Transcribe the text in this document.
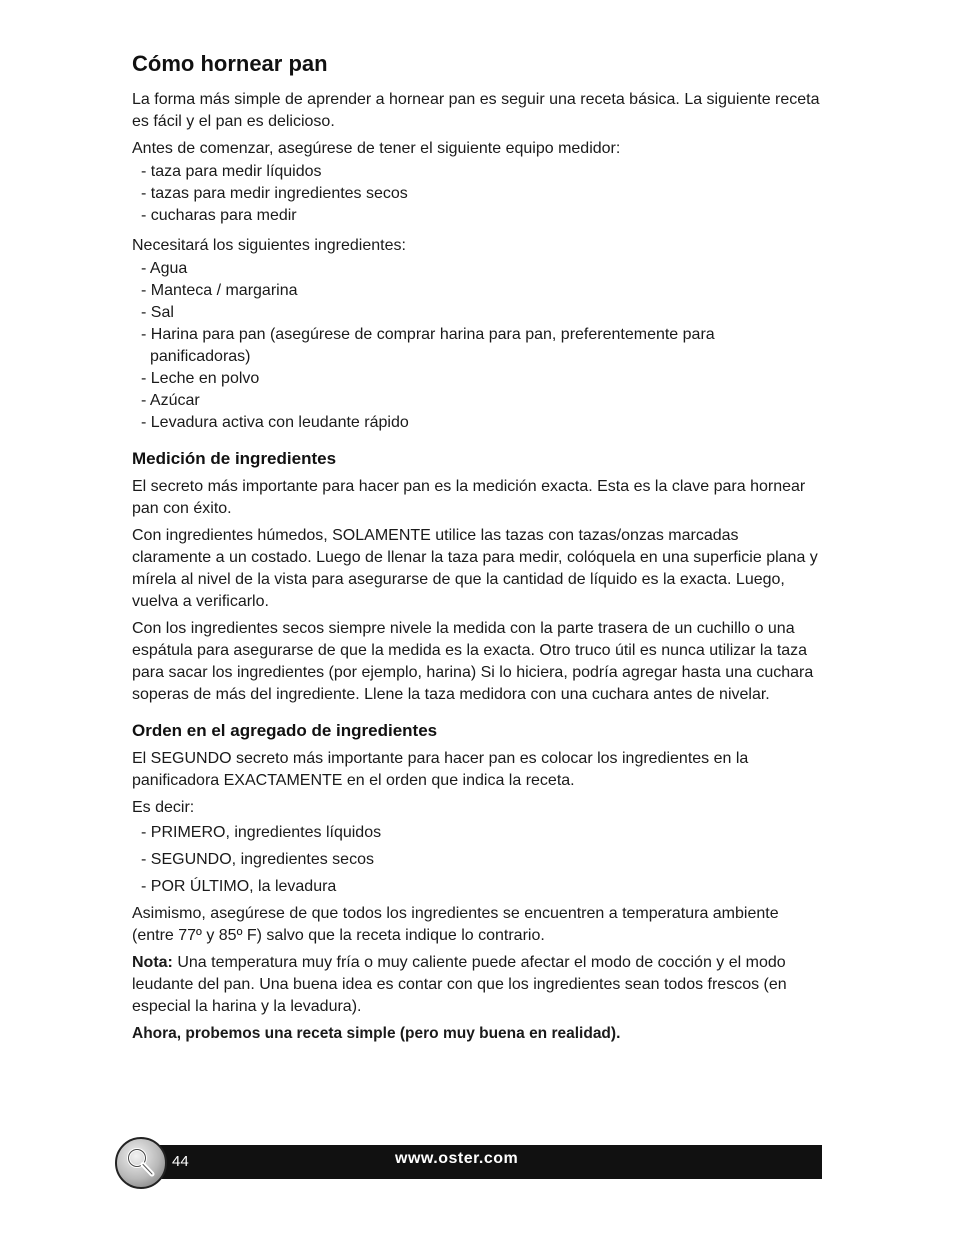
Cómo hornear pan

La forma más simple de aprender a hornear pan es seguir una receta básica. La siguiente receta es fácil y el pan es delicioso.

Antes de comenzar, asegúrese de tener el siguiente equipo medidor:

- taza para medir líquidos
- tazas para medir ingredientes secos
- cucharas para medir

Necesitará los siguientes ingredientes:

- Agua
- Manteca / margarina
- Sal
- Harina para pan (asegúrese de comprar harina para pan, preferentemente para panificadoras)
- Leche en polvo
- Azúcar
- Levadura activa con leudante rápido
Medición de ingredientes

El secreto más importante para hacer pan es la medición exacta. Esta es la clave para hornear pan con éxito.

Con ingredientes húmedos, SOLAMENTE utilice las tazas con tazas/onzas marcadas claramente a un costado. Luego de llenar la taza para medir, colóquela en una superficie plana y mírela al nivel de la vista para asegurarse de que la cantidad de líquido es la exacta. Luego, vuelva a verificarlo.

Con los ingredientes secos siempre nivele la medida con la parte trasera de un cuchillo o una espátula para asegurarse de que la medida es la exacta. Otro truco útil es nunca utilizar la taza para sacar los ingredientes (por ejemplo, harina) Si lo hiciera, podría agregar hasta una cuchara soperas de más del ingrediente. Llene la taza medidora con una cuchara antes de nivelar.

Orden en el agregado de ingredientes

El SEGUNDO secreto más importante para hacer pan es colocar los ingredientes en la panificadora EXACTAMENTE en el orden que indica la receta.

Es decir:

- PRIMERO, ingredientes líquidos
- SEGUNDO, ingredientes secos
- POR ÚLTIMO, la levadura

Asimismo, asegúrese de que todos los ingredientes se encuentren a temperatura ambiente (entre 77º y 85º F) salvo que la receta indique lo contrario.

Nota: Una temperatura muy fría o muy caliente puede afectar el modo de cocción y el modo leudante del pan. Una buena idea es contar con que los ingredientes sean todos frescos (en especial la harina y la levadura).

Ahora, probemos una receta simple (pero muy buena en realidad).

44	www.oster.com
